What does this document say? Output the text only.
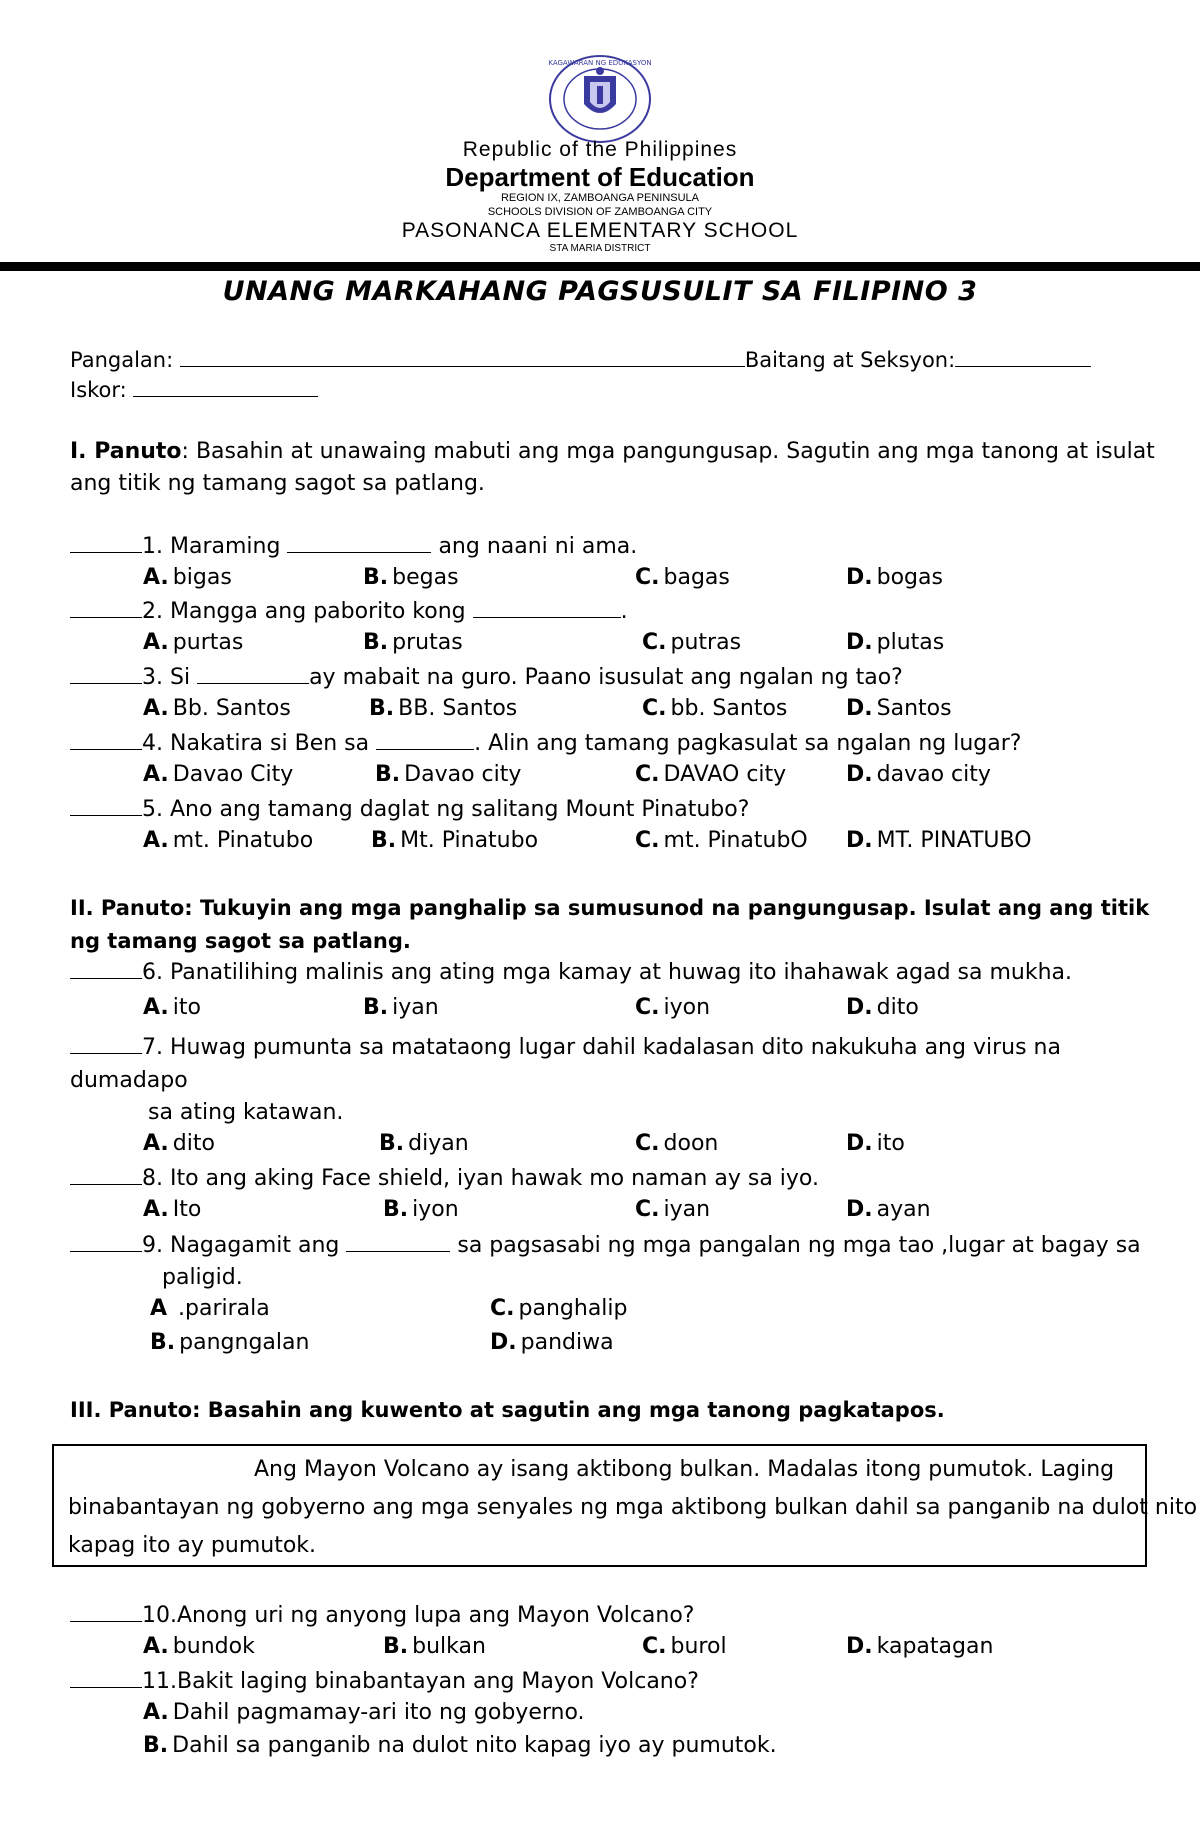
KAGAWARAN NG EDUKASYON
Republic of the Philippines
Department of Education
REGION IX, ZAMBOANGA PENINSULA
SCHOOLS DIVISION OF ZAMBOANGA CITY
PASONANCA ELEMENTARY SCHOOL
STA MARIA DISTRICT
UNANG MARKAHANG PAGSUSULIT SA FILIPINO 3
Pangalan:	Baitang at Seksyon:
Iskor:
I. Panuto: Basahin at unawaing mabuti ang mga pangungusap. Sagutin ang mga tanong at isulat
ang titik ng tamang sagot sa patlang.
1. Maraming	ang naani ni ama.
A. bigas	B. begas	C. bagas	D. bogas
2. Mangga ang paborito kong	.
A. purtas	B. prutas	C. putras	D. plutas
3. Si	ay mabait na guro. Paano isusulat ang ngalan ng tao?
A. Bb. Santos	B. BB. Santos	C. bb. Santos	D. Santos
4. Nakatira si Ben sa	. Alin ang tamang pagkasulat sa ngalan ng lugar?
A. Davao City	B. Davao city	C. DAVAO city	D. davao city
5. Ano ang tamang daglat ng salitang Mount Pinatubo?
A. mt. Pinatubo	B. Mt. Pinatubo	C. mt. PinatubO D. MT. PINATUBO
II. Panuto: Tukuyin ang mga panghalip sa sumusunod na pangungusap. Isulat ang ang titik
ng tamang sagot sa patlang.
6. Panatilihing malinis ang ating mga kamay at huwag ito ihahawak agad sa mukha.
A. ito	B. iyan	C. iyon	D. dito
7. Huwag pumunta sa matataong lugar dahil kadalasan dito nakukuha ang virus na
dumadapo
sa ating katawan.
A. dito	B. diyan	C. doon	D. ito
8. Ito ang aking Face shield, iyan hawak mo naman ay sa iyo.
A. Ito	B. iyon	C. iyan	D. ayan
9. Nagagamit ang	sa pagsasabi ng mga pangalan ng mga tao ,lugar at bagay sa
paligid.
A .parirala	C. panghalip
B. pangngalan	D. pandiwa
III. Panuto: Basahin ang kuwento at sagutin ang mga tanong pagkatapos.
Ang Mayon Volcano ay isang aktibong bulkan. Madalas itong pumutok. Laging
binabantayan ng gobyerno ang mga senyales ng mga aktibong bulkan dahil sa panganib na dulot nito
kapag ito ay pumutok.
10.Anong uri ng anyong lupa ang Mayon Volcano?
A. bundok	B. bulkan	C. burol	D. kapatagan
11.Bakit laging binabantayan ang Mayon Volcano?
A. Dahil pagmamay-ari ito ng gobyerno.
B. Dahil sa panganib na dulot nito kapag iyo ay pumutok.
